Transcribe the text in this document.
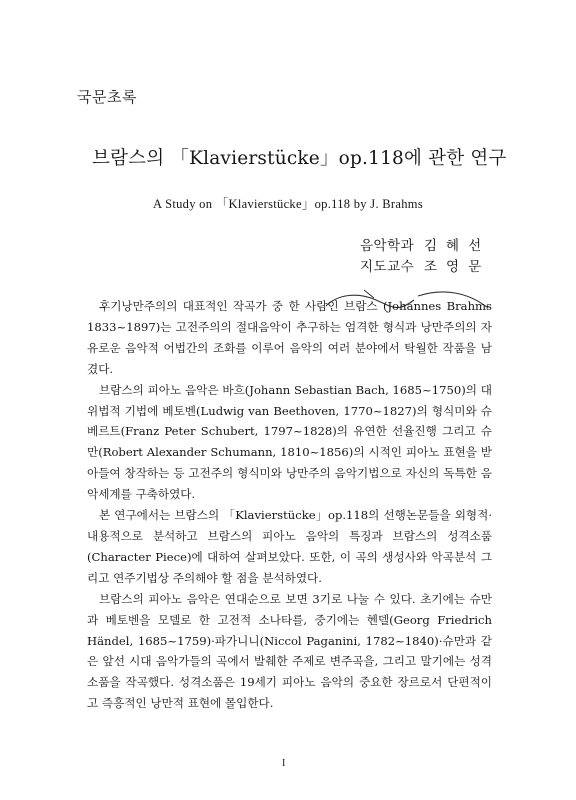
국문초록
브람스의 「Klavierstücke」op.118에 관한 연구
A Study on 「Klavierstücke」op.118 by J. Brahms
음악학과 김혜선
지도교수 조영문

후기낭만주의의 대표적인 작곡가 중 한 사람인 브람스 (Johannes Brahms 1833~1897)는 고전주의의 절대음악이 추구하는 엄격한 형식과 낭만주의의 자유로운 음악적 어법간의 조화를 이루어 음악의 여러 분야에서 탁월한 작품을 남겼다.

브람스의 피아노 음악은 바흐(Johann Sebastian Bach, 1685~1750)의 대위법적 기법에 베토벤(Ludwig van Beethoven, 1770~1827)의 형식미와 슈베르트(Franz Peter Schubert, 1797~1828)의 유연한 선율진행 그리고 슈만(Robert Alexander Schumann, 1810~1856)의 시적인 피아노 표현을 받아들여 창작하는 등 고전주의 형식미와 낭만주의 음악기법으로 자신의 독특한 음악세계를 구축하였다.

본 연구에서는 브람스의 「Klavierstücke」op.118의 선행논문들을 외형적·내용적으로 분석하고 브람스의 피아노 음악의 특징과 브람스의 성격소품(Character Piece)에 대하여 살펴보았다. 또한, 이 곡의 생성사와 악곡분석 그리고 연주기법상 주의해야 할 점을 분석하였다.

브람스의 피아노 음악은 연대순으로 보면 3기로 나눌 수 있다. 초기에는 슈만과 베토벤을 모델로 한 고전적 소나타를, 중기에는 헨델(Georg Friedrich Händel, 1685~1759)·파가니니(Niccol Paganini, 1782~1840)·슈만과 같은 앞선 시대 음악가들의 곡에서 발췌한 주제로 변주곡을, 그리고 말기에는 성격소품을 작곡했다. 성격소품은 19세기 피아노 음악의 중요한 장르로서 단편적이고 즉흥적인 낭만적 표현에 몰입한다.

I
